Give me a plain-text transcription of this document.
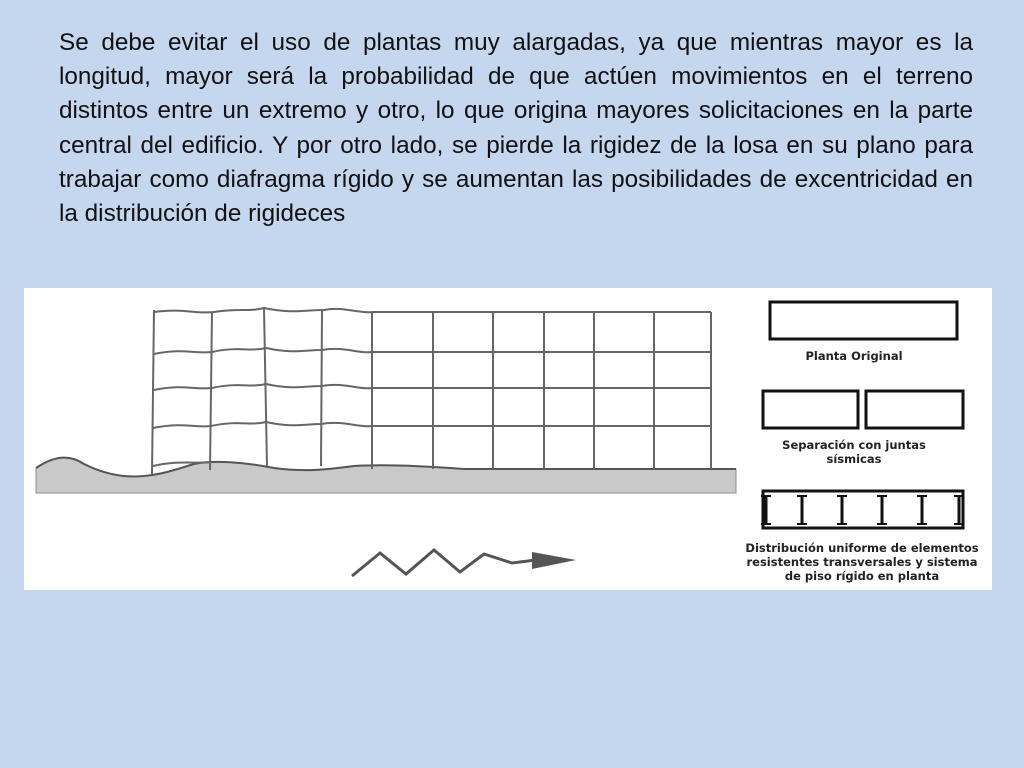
Se debe evitar el uso de plantas muy alargadas, ya que mientras mayor es la longitud, mayor será la probabilidad de que actúen movimientos en el terreno distintos entre un extremo y otro, lo que origina mayores solicitaciones en la parte central del edificio. Y por otro lado, se pierde la rigidez de la losa en su plano para trabajar como diafragma rígido y se aumentan las posibilidades de excentricidad en la distribución de rigideces

Planta Original
Separación con juntas sísmicas
Distribución uniforme de elementos resistentes transversales y sistema de piso rígido en planta
